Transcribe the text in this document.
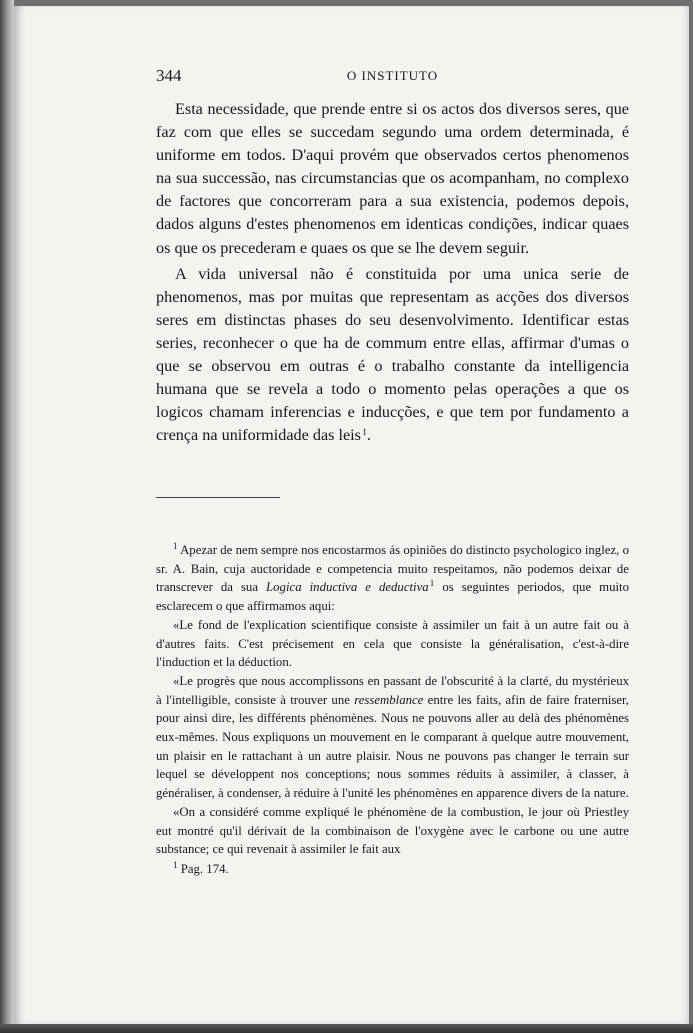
344	O INSTITUTO

Esta necessidade, que prende entre si os actos dos diversos seres, que faz com que elles se succedam segundo uma ordem determinada, é uniforme em todos. D'aqui provém que observados certos phenomenos na sua successão, nas circumstancias que os acompanham, no complexo de factores que concorreram para a sua existencia, podemos depois, dados alguns d'estes phenomenos em identicas condições, indicar quaes os que os precederam e quaes os que se lhe devem seguir.

A vida universal não é constituida por uma unica serie de phenomenos, mas por muitas que representam as acções dos diversos seres em distinctas phases do seu desenvolvimento. Identificar estas series, reconhecer o que ha de commum entre ellas, affirmar d'umas o que se observou em outras é o trabalho constante da intelligencia humana que se revela a todo o momento pelas operações a que os logicos chamam inferencias e inducções, e que tem por fundamento a crença na uniformidade das leis $^1$.

$^1$ Apezar de nem sempre nos encostarmos ás opiniões do distincto psychologico inglez, o sr. A. Bain, cuja auctoridade e competencia muito respeitamos, não podemos deixar de transcrever da sua Logica inductiva e deductiva $^1$ os seguintes periodos, que muito esclarecem o que affirmamos aqui:

«Le fond de l'explication scientifique consiste à assimiler un fait à un autre fait ou à d'autres faits. C'est précisement en cela que consiste la généralisation, c'est-à-dire l'induction et la déduction.

«Le progrès que nous accomplissons en passant de l'obscurité à la clarté, du mystérieux à l'intelligible, consiste à trouver une ressemblance entre les faits, afin de faire fraterniser, pour ainsi dire, les différents phénomènes. Nous ne pouvons aller au delà des phénomènes eux-mêmes. Nous expliquons un mouvement en le comparant à quelque autre mouvement, un plaisir en le rattachant à un autre plaisir. Nous ne pouvons pas changer le terrain sur lequel se développent nos conceptions; nous sommes réduits à assimiler, à classer, à généraliser, à condenser, à réduire à l'unité les phénomènes en apparence divers de la nature.

«On a considéré comme expliqué le phénomène de la combustion, le jour où Priestley eut montré qu'il dérivait de la combinaison de l'oxygène avec le carbone ou une autre substance; ce qui revenait à assimiler le fait aux

$^1$ Pag. 174.
